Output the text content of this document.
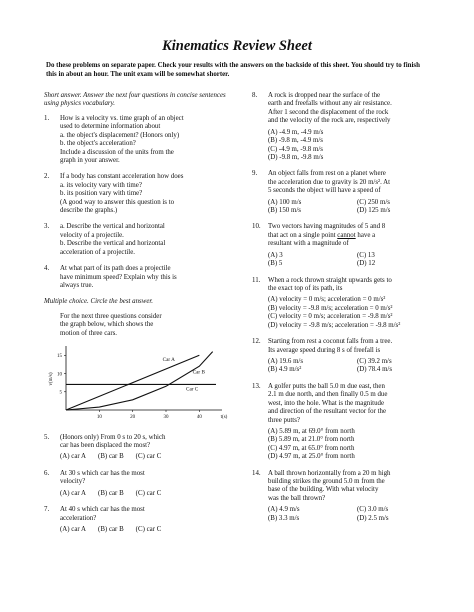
Kinematics Review Sheet
Do these problems on separate paper. Check your results with the answers on the backside of this sheet. You should try to finish this in about an hour. The unit exam will be somewhat shorter.
Short answer. Answer the next four questions in concise sentences using physics vocabulary.
1.	How is a velocity vs. time graph of an object
used to determine information about
a. the object's displacement? (Honors only)
b. the object's acceleration?
Include a discussion of the units from the
graph in your answer.
2.	If a body has constant acceleration how does
a. its velocity vary with time?
b. its position vary with time?
(A good way to answer this question is to
describe the graphs.)
3.	a. Describe the vertical and horizontal
velocity of a projectile.
b. Describe the vertical and horizontal
acceleration of a projectile.
4.	At what part of its path does a projectile
have minimum speed? Explain why this is
always true.
Multiple choice. Circle the best answer.
For the next three questions consider
the graph below, which shows the
motion of three cars.
10	20	30	40
5
10
15
t(s)
v(m/s)
Car A
Car B
Car C
5.	(Honors only) From 0 s to 20 s, which
car has been displaced the most?
(A) car A (B) car B (C) car C
6.	At 30 s which car has the most
velocity?
(A) car A (B) car B (C) car C
7.	At 40 s which car has the most
acceleration?
(A) car A (B) car B (C) car C
8.	A rock is dropped near the surface of the
earth and freefalls without any air resistance.
After 1 second the displacement of the rock
and the velocity of the rock are, respectively
(A) -4.9 m, -4.9 m/s
(B) -9.8 m, -4.9 m/s
(C) -4.9 m, -9.8 m/s
(D) -9.8 m, -9.8 m/s
9.	An object falls from rest on a planet where
the acceleration due to gravity is 20 m/s². At
5 seconds the object will have a speed of
(A) 100 m/s	(C) 250 m/s
(B) 150 m/s	(D) 125 m/s
10.	Two vectors having magnitudes of 5 and 8
that act on a single point cannot have a
resultant with a magnitude of
(A) 3	(C) 13
(B) 5	(D) 12
11.	When a rock thrown straight upwards gets to
the exact top of its path, its
(A) velocity = 0 m/s; acceleration = 0 m/s²
(B) velocity = -9.8 m/s; acceleration = 0 m/s²
(C) velocity = 0 m/s; acceleration = -9.8 m/s²
(D) velocity = -9.8 m/s; acceleration = -9.8 m/s²
12.	Starting from rest a coconut falls from a tree.
Its average speed during 8 s of freefall is
(A) 19.6 m/s	(C) 39.2 m/s
(B) 4.9 m/s²	(D) 78.4 m/s
13.	A golfer putts the ball 5.0 m due east, then
2.1 m due north, and then finally 0.5 m due
west, into the hole. What is the magnitude
and direction of the resultant vector for the
three putts?
(A) 5.89 m, at 69.0° from north
(B) 5.89 m, at 21.0° from north
(C) 4.97 m, at 65.0° from north
(D) 4.97 m, at 25.0° from north
14.	A ball thrown horizontally from a 20 m high
building strikes the ground 5.0 m from the
base of the building. With what velocity
was the ball thrown?
(A) 4.9 m/s	(C) 3.0 m/s
(B) 3.3 m/s	(D) 2.5 m/s
